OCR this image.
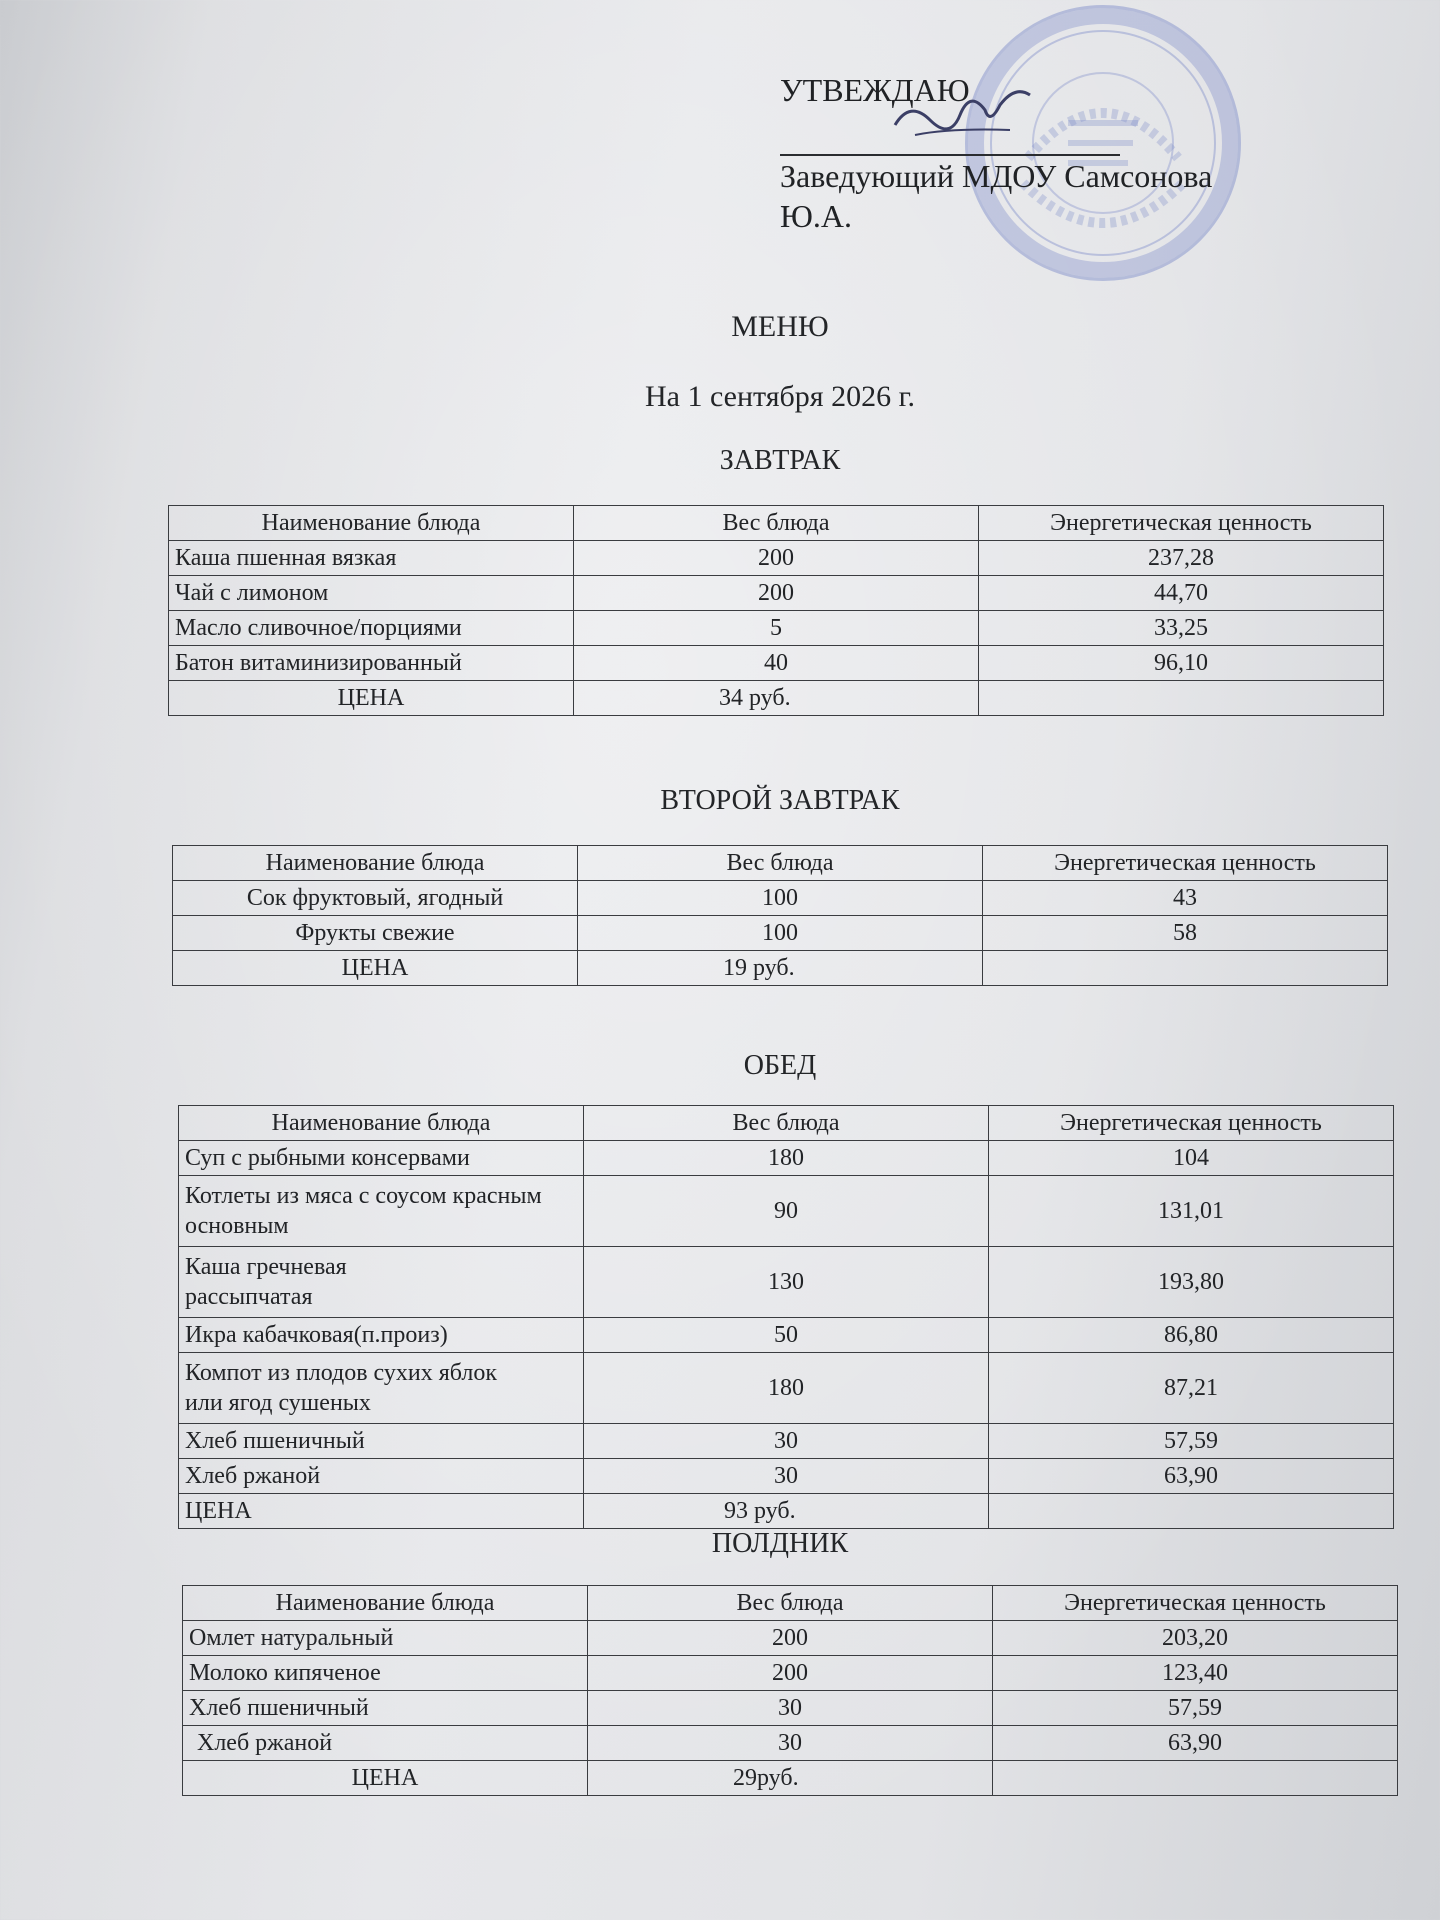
УТВЕЖДАЮ
Заведующий МДОУ Самсонова
Ю.А.
МЕНЮ
На 1 сентября 2026 г.
ЗАВТРАК
Наименование блюда	Вес блюда	Энергетическая ценность
Каша пшенная вязкая	200	237,28
Чай с лимоном	200	44,70
Масло сливочное/порциями	5	33,25
Батон витаминизированный	40	96,10
ЦЕНА	34 руб.	
ВТОРОЙ ЗАВТРАК
Наименование блюда	Вес блюда	Энергетическая ценность
Сок фруктовый, ягодный	100	43
Фрукты свежие	100	58
ЦЕНА	19 руб.	
ОБЕД
Наименование блюда	Вес блюда	Энергетическая ценность
Суп с рыбными консервами	180	104
Котлеты из мяса с соусом красным основным	90	131,01
Каша гречневая рассыпчатая	130	193,80
Икра кабачковая(п.произ)	50	86,80
Компот из плодов сухих яблок или ягод сушеных	180	87,21
Хлеб пшеничный	30	57,59
Хлеб ржаной	30	63,90
ЦЕНА	93 руб.	
ПОЛДНИК
Наименование блюда	Вес блюда	Энергетическая ценность
Омлет натуральный	200	203,20
Молоко кипяченое	200	123,40
Хлеб пшеничный	30	57,59
Хлеб ржаной	30	63,90
ЦЕНА	29руб.	
